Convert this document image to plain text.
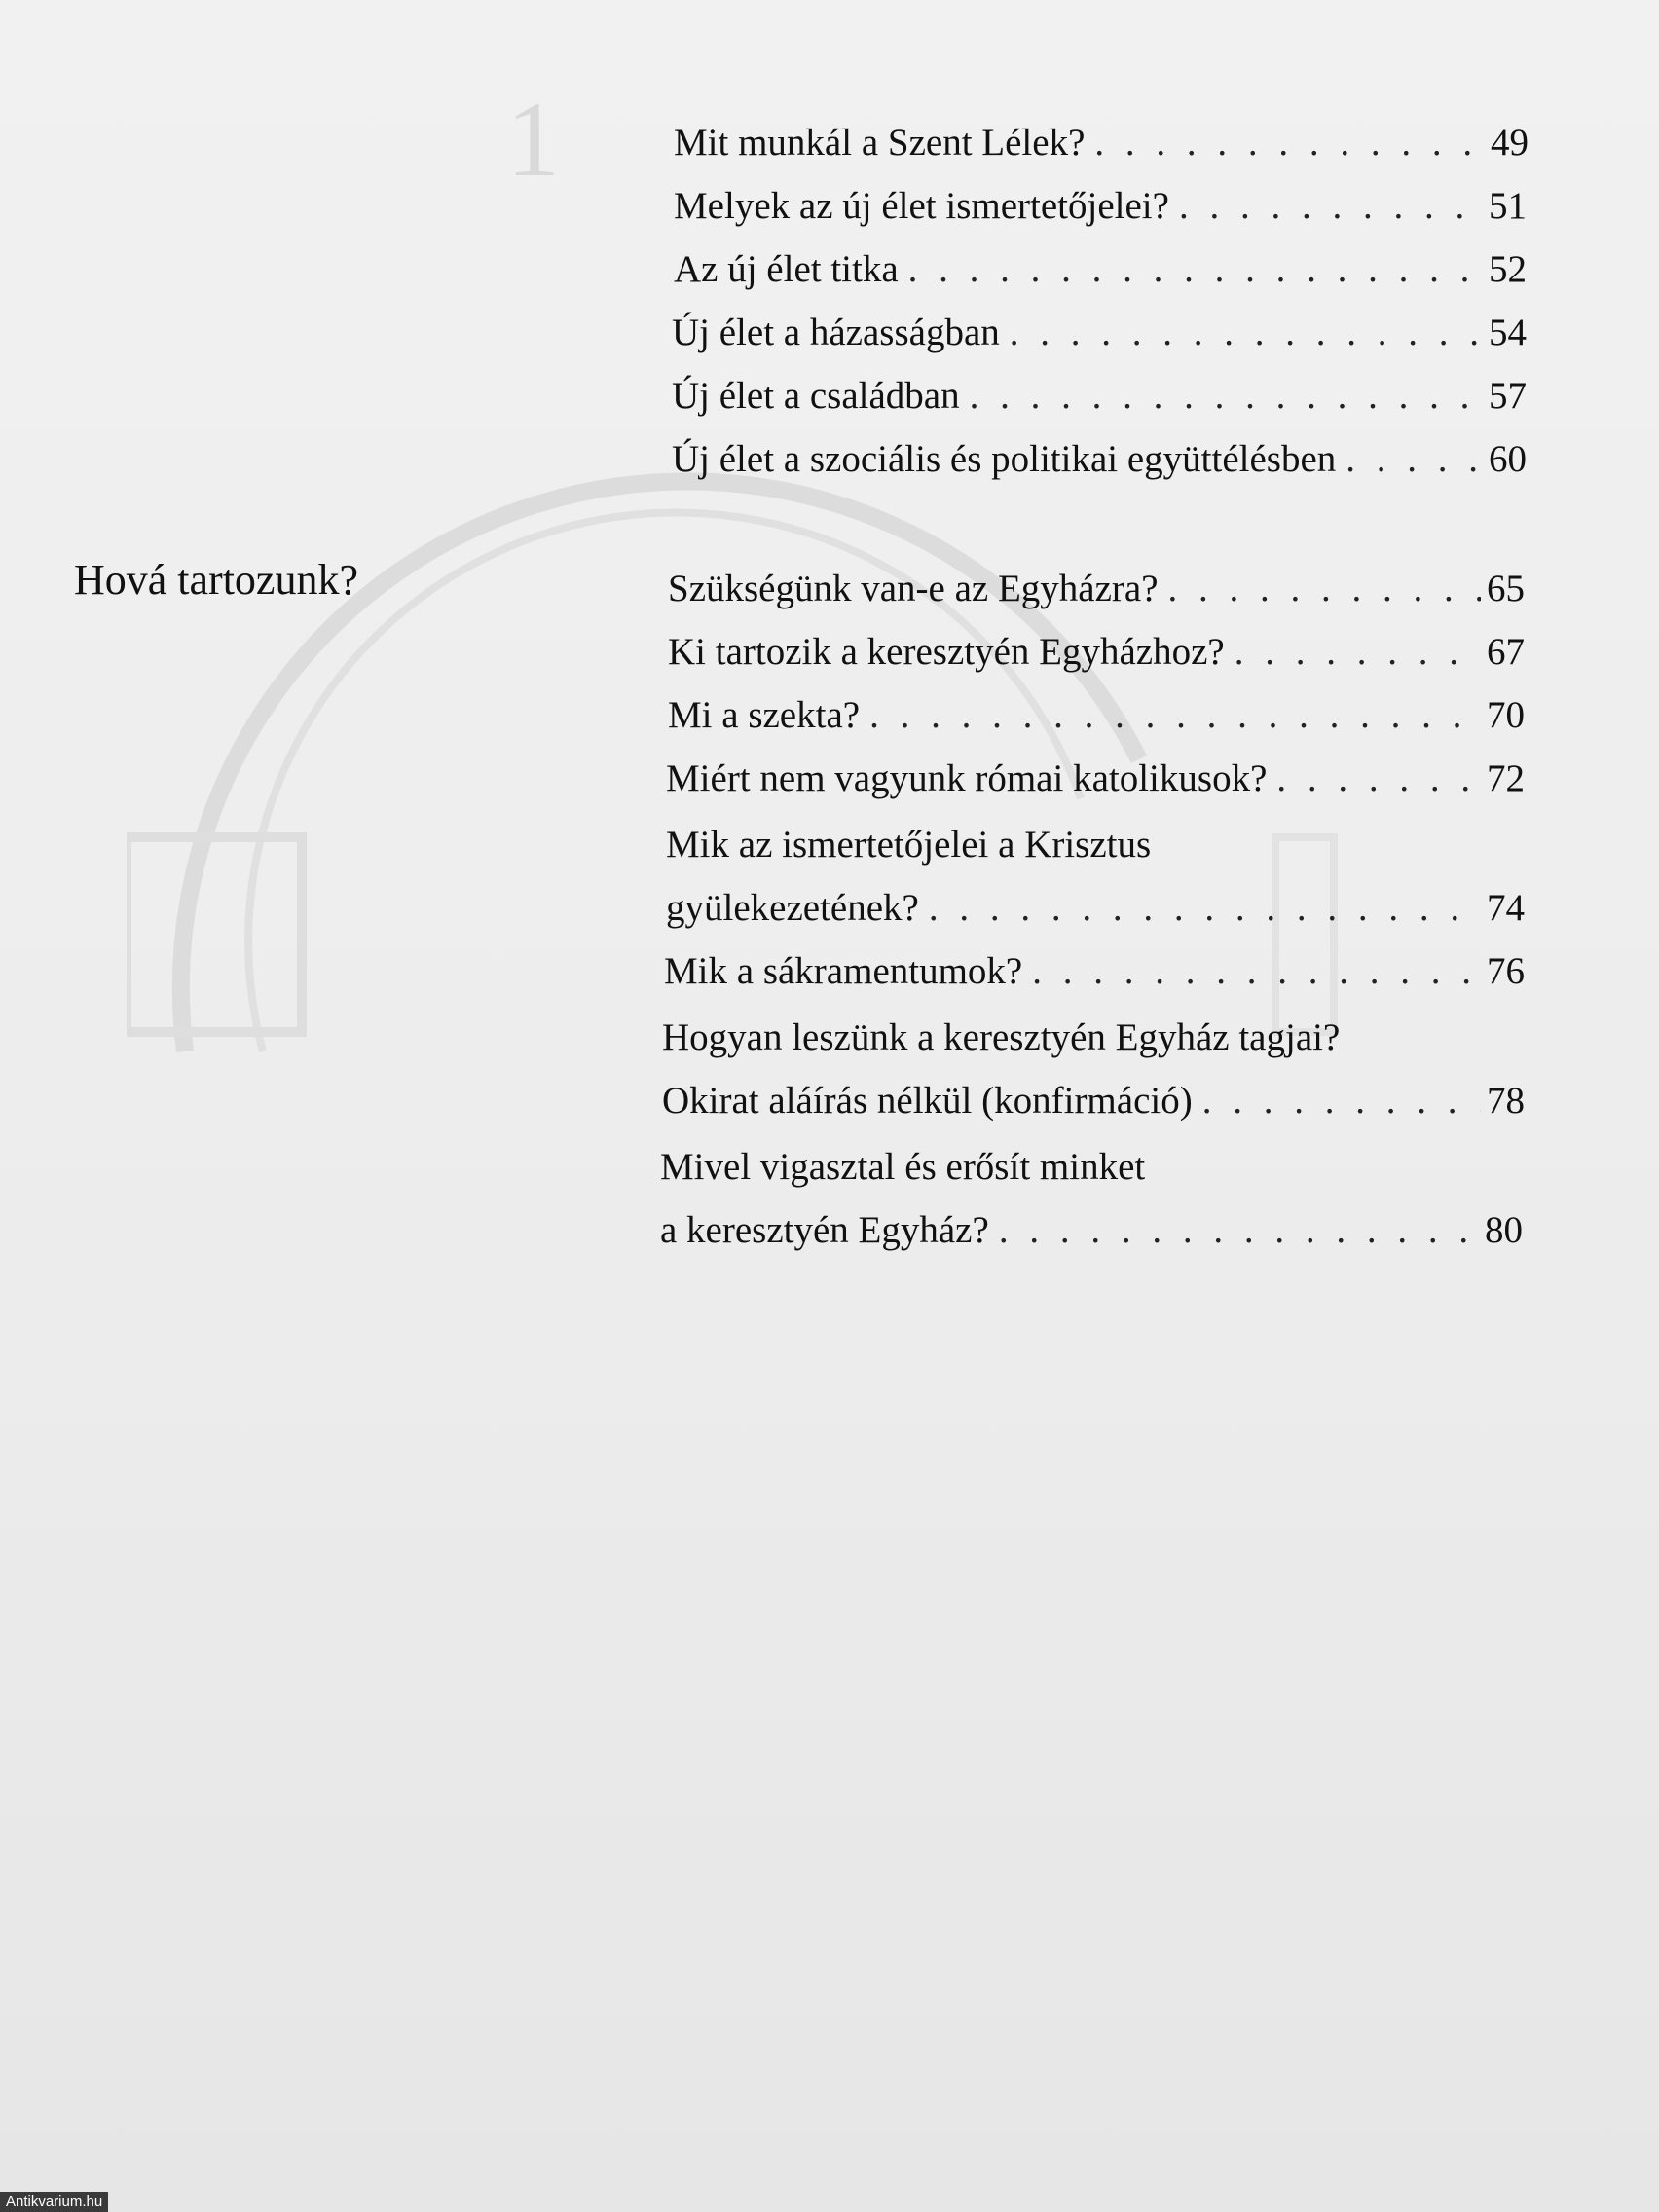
1
Hová tartozunk?
Mit munkál a Szent Lélek? . . .	49
Melyek az új élet ismertetőjelei? . . .	51
Az új élet titka . . .	52
Új élet a házasságban . . .	54
Új élet a családban . . .	57
Új élet a szociális és politikai együttélésben . . .	60
Szükségünk van-e az Egyházra? . . .	65
Ki tartozik a keresztyén Egyházhoz? . . .	67
Mi a szekta? . . .	70
Miért nem vagyunk római katolikusok? . . .	72
Mik az ismertetőjelei a Krisztus
gyülekezetének? . . .	74
Mik a sákramentumok? . . .	76
Hogyan leszünk a keresztyén Egyház tagjai?
Okirat aláírás nélkül (konfirmáció) . . .	78
Mivel vigasztal és erősít minket
a keresztyén Egyház? . . .	80
Antikvarium.hu
